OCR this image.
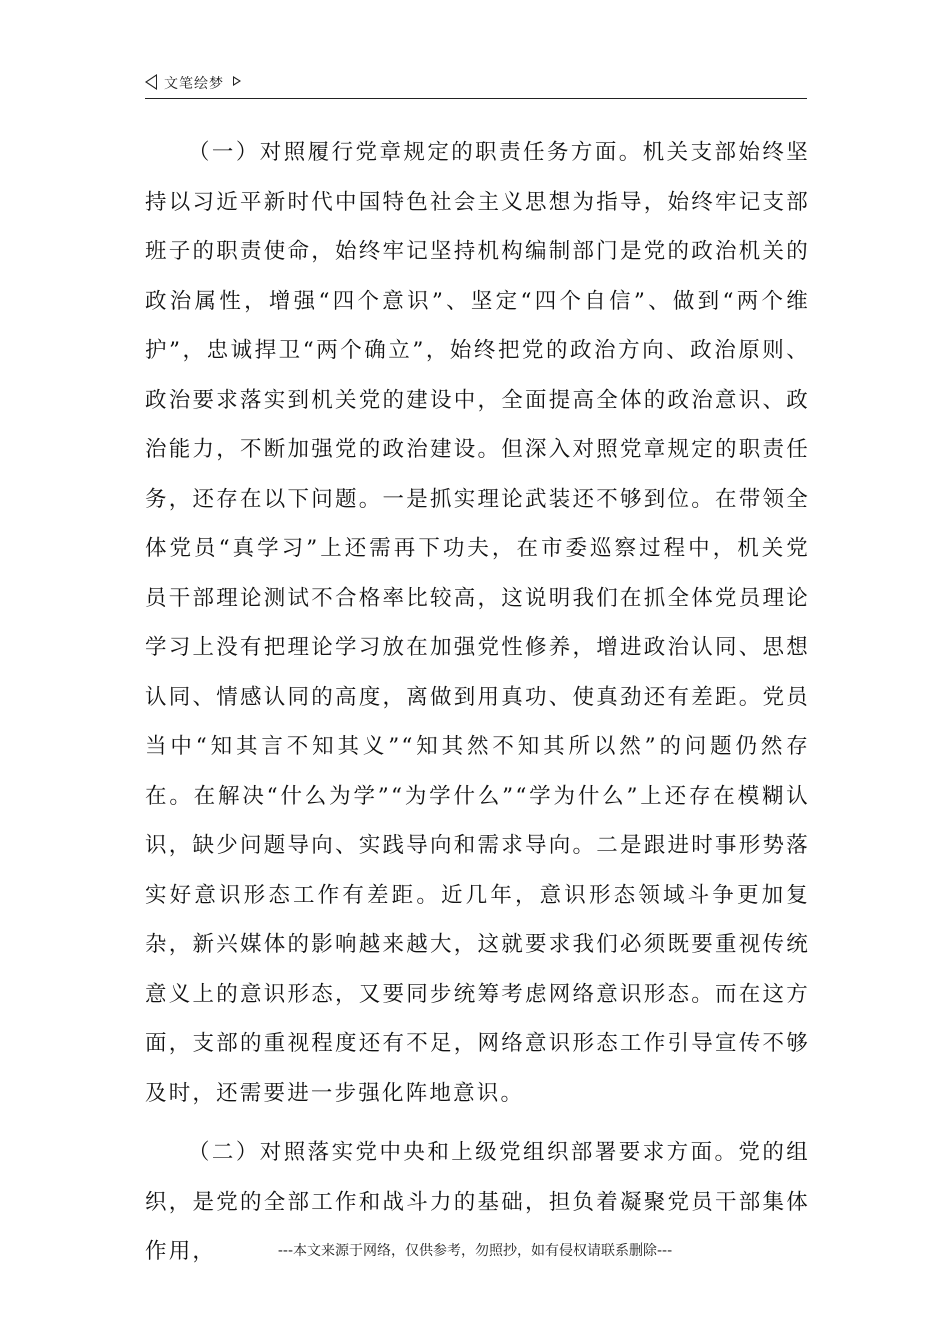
文笔绘梦

（一）对照履行党章规定的职责任务方面。机关支部始终坚持以习近平新时代中国特色社会主义思想为指导，始终牢记支部班子的职责使命，始终牢记坚持机构编制部门是党的政治机关的政治属性，增强“四个意识”、坚定“四个自信”、做到“两个维护”，忠诚捍卫“两个确立”，始终把党的政治方向、政治原则、政治要求落实到机关党的建设中，全面提高全体的政治意识、政治能力，不断加强党的政治建设。但深入对照党章规定的职责任务，还存在以下问题。一是抓实理论武装还不够到位。在带领全体党员“真学习”上还需再下功夫，在市委巡察过程中，机关党员干部理论测试不合格率比较高，这说明我们在抓全体党员理论学习上没有把理论学习放在加强党性修养，增进政治认同、思想认同、情感认同的高度，离做到用真功、使真劲还有差距。党员当中“知其言不知其义”“知其然不知其所以然”的问题仍然存在。在解决“什么为学”“为学什么”“学为什么”上还存在模糊认识，缺少问题导向、实践导向和需求导向。二是跟进时事形势落实好意识形态工作有差距。近几年，意识形态领域斗争更加复杂，新兴媒体的影响越来越大，这就要求我们必须既要重视传统意义上的意识形态，又要同步统筹考虑网络意识形态。而在这方面，支部的重视程度还有不足，网络意识形态工作引导宣传不够及时，还需要进一步强化阵地意识。

（二）对照落实党中央和上级党组织部署要求方面。党的组织，是党的全部工作和战斗力的基础，担负着凝聚党员干部集体作用，	---本文来源于网络，仅供参考，勿照抄，如有侵权请联系删除---
